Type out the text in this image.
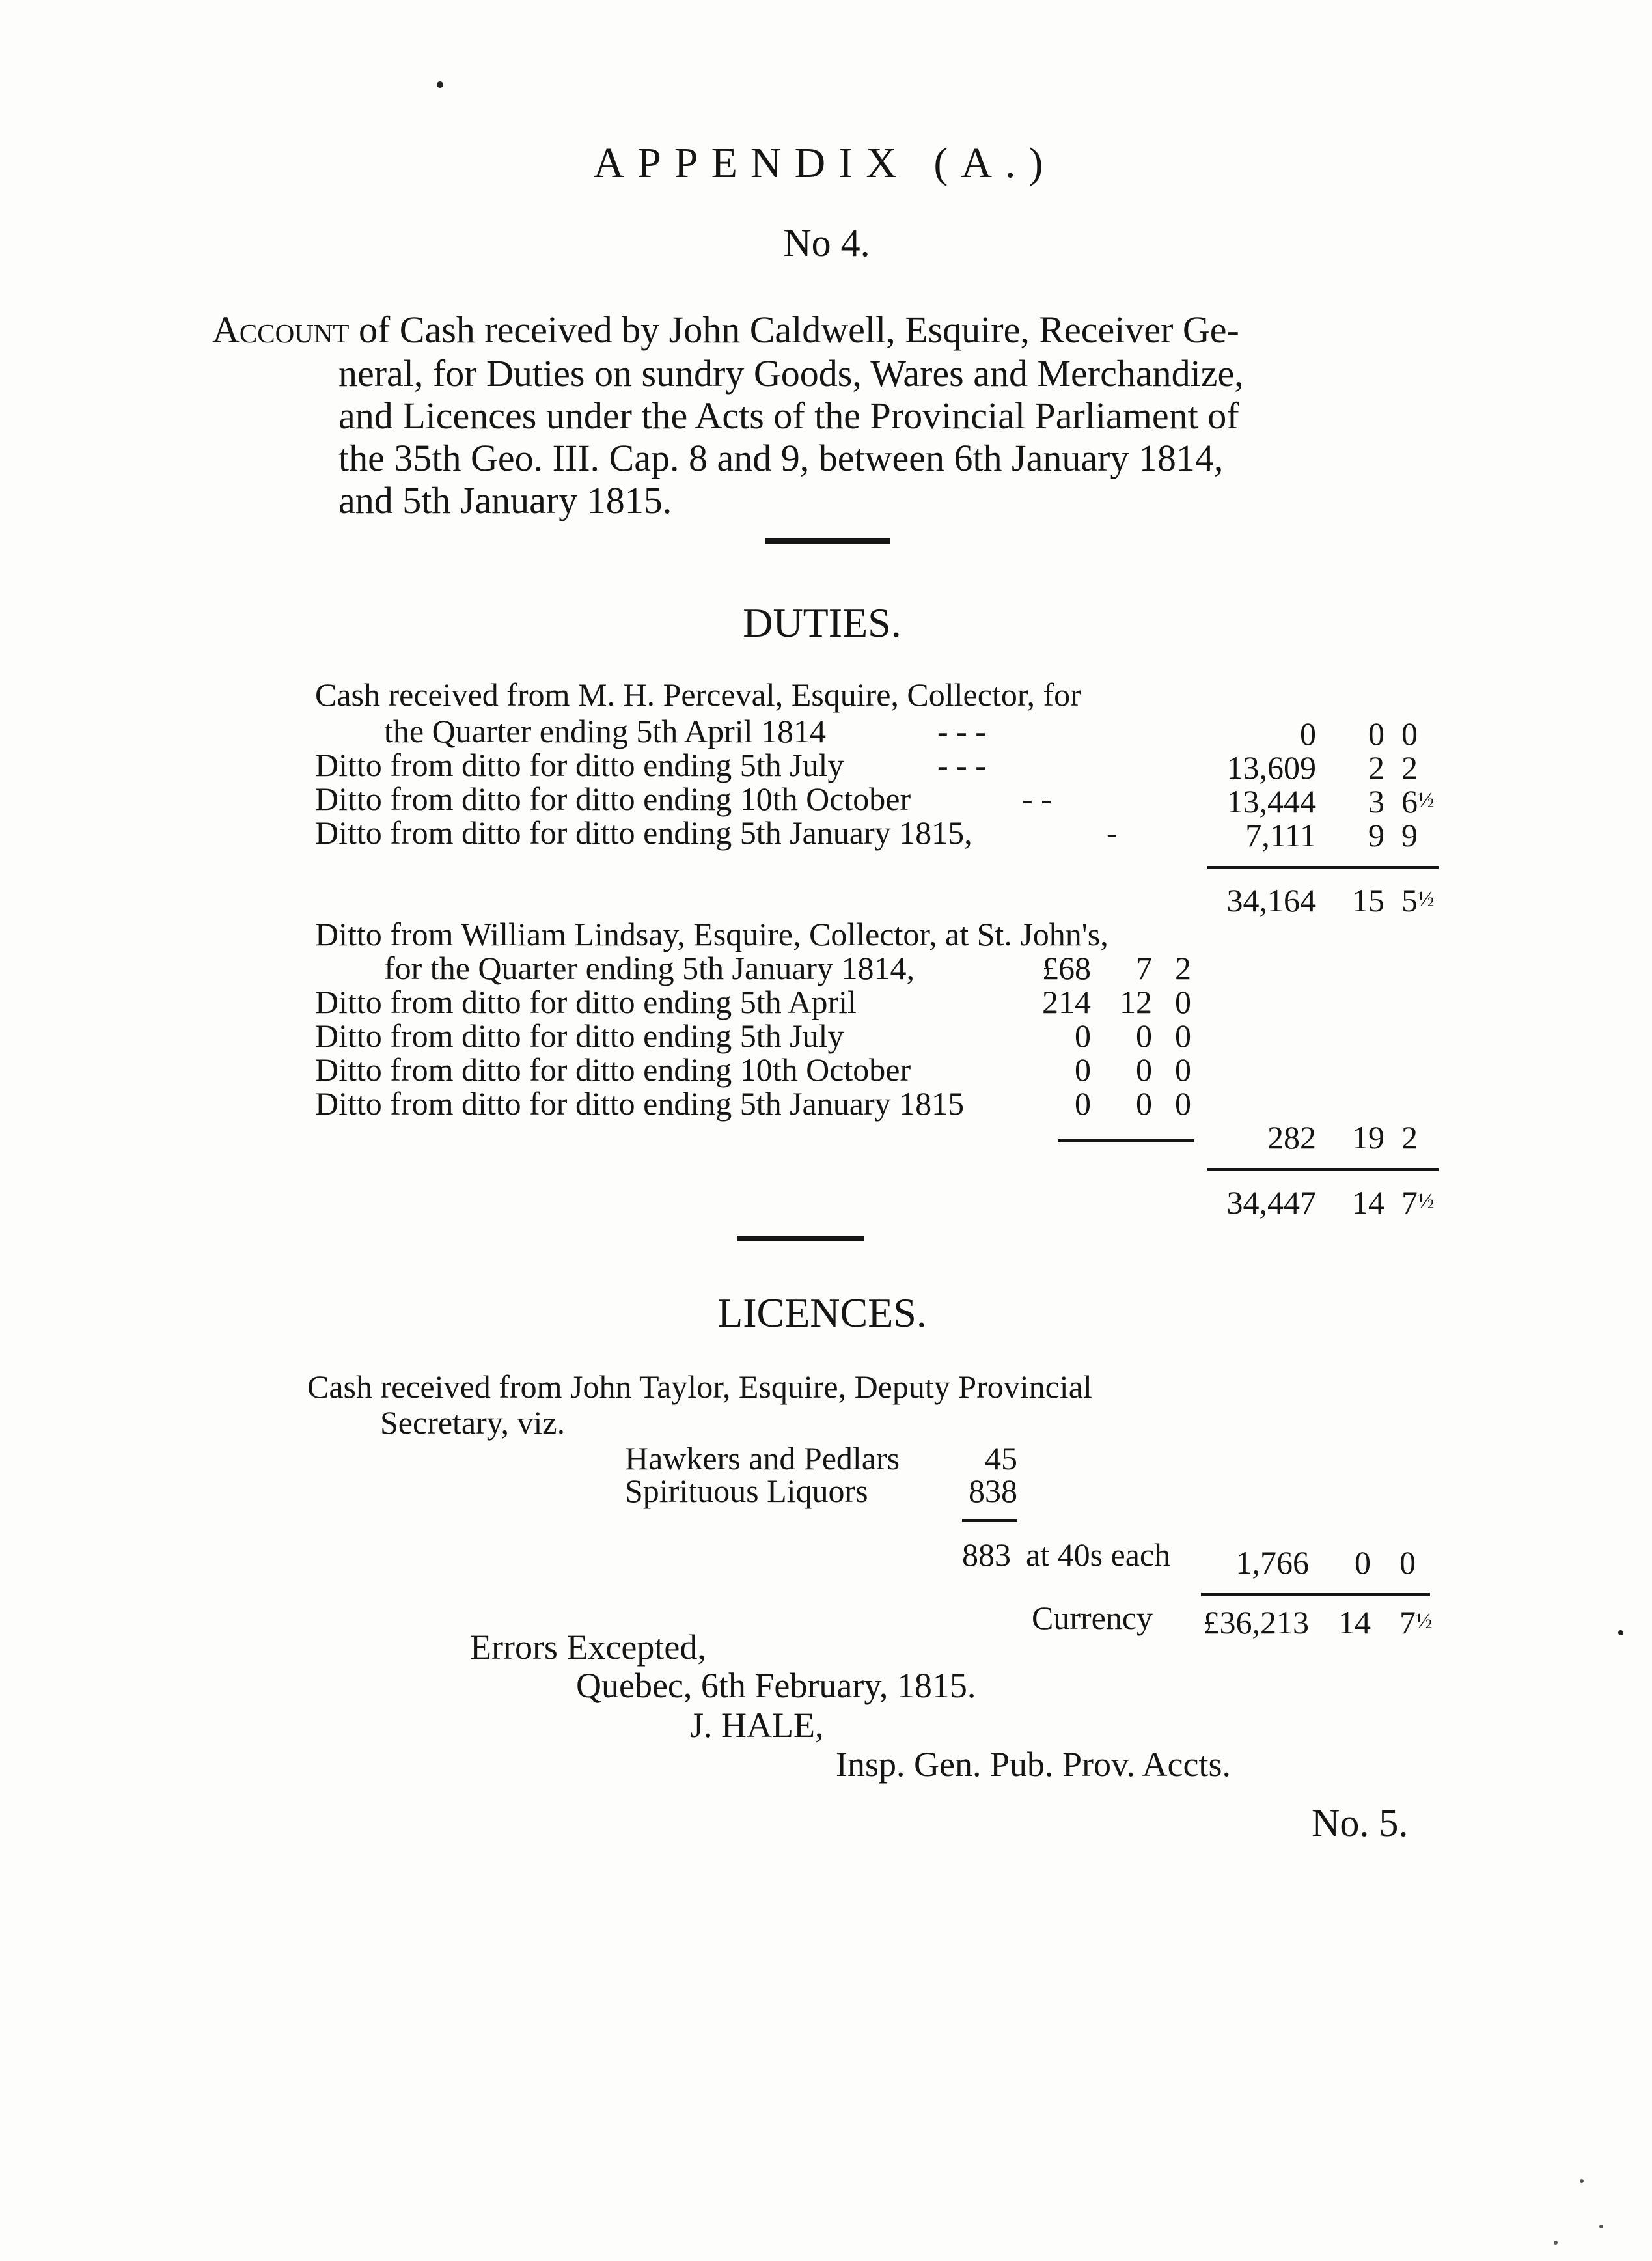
APPENDIX (A.)
No 4.
Account of Cash received by John Caldwell, Esquire, Receiver Ge-
neral, for Duties on sundry Goods, Wares and Merchandize,
and Licences under the Acts of the Provincial Parliament of
the 35th Geo. III. Cap. 8 and 9, between 6th January 1814,
and 5th January 1815.
DUTIES.
Cash received from M. H. Perceval, Esquire, Collector, for
the Quarter ending 5th April 1814	- - -	0 0 0
Ditto from ditto for ditto ending 5th July	- - -	13,609 2 2
Ditto from ditto for ditto ending 10th October	- -	13,444 3 6½
Ditto from ditto for ditto ending 5th January 1815,	-	7,111 9 9
34,164 15 5½
Ditto from William Lindsay, Esquire, Collector, at St. John's,
for the Quarter ending 5th January 1814,	£68 7 2
Ditto from ditto for ditto ending 5th April	214 12 0
Ditto from ditto for ditto ending 5th July	0 0 0
Ditto from ditto for ditto ending 10th October	0 0 0
Ditto from ditto for ditto ending 5th January 1815	0 0 0
282 19 2
34,447 14 7½
LICENCES.
Cash received from John Taylor, Esquire, Deputy Provincial
Secretary, viz.
Hawkers and Pedlars	45
Spirituous Liquors	838
883 at 40s each 1,766 0 0
Currency £36,213 14 7½
Errors Excepted,
Quebec, 6th February, 1815.
J. HALE,
Insp. Gen. Pub. Prov. Accts.
No. 5.
